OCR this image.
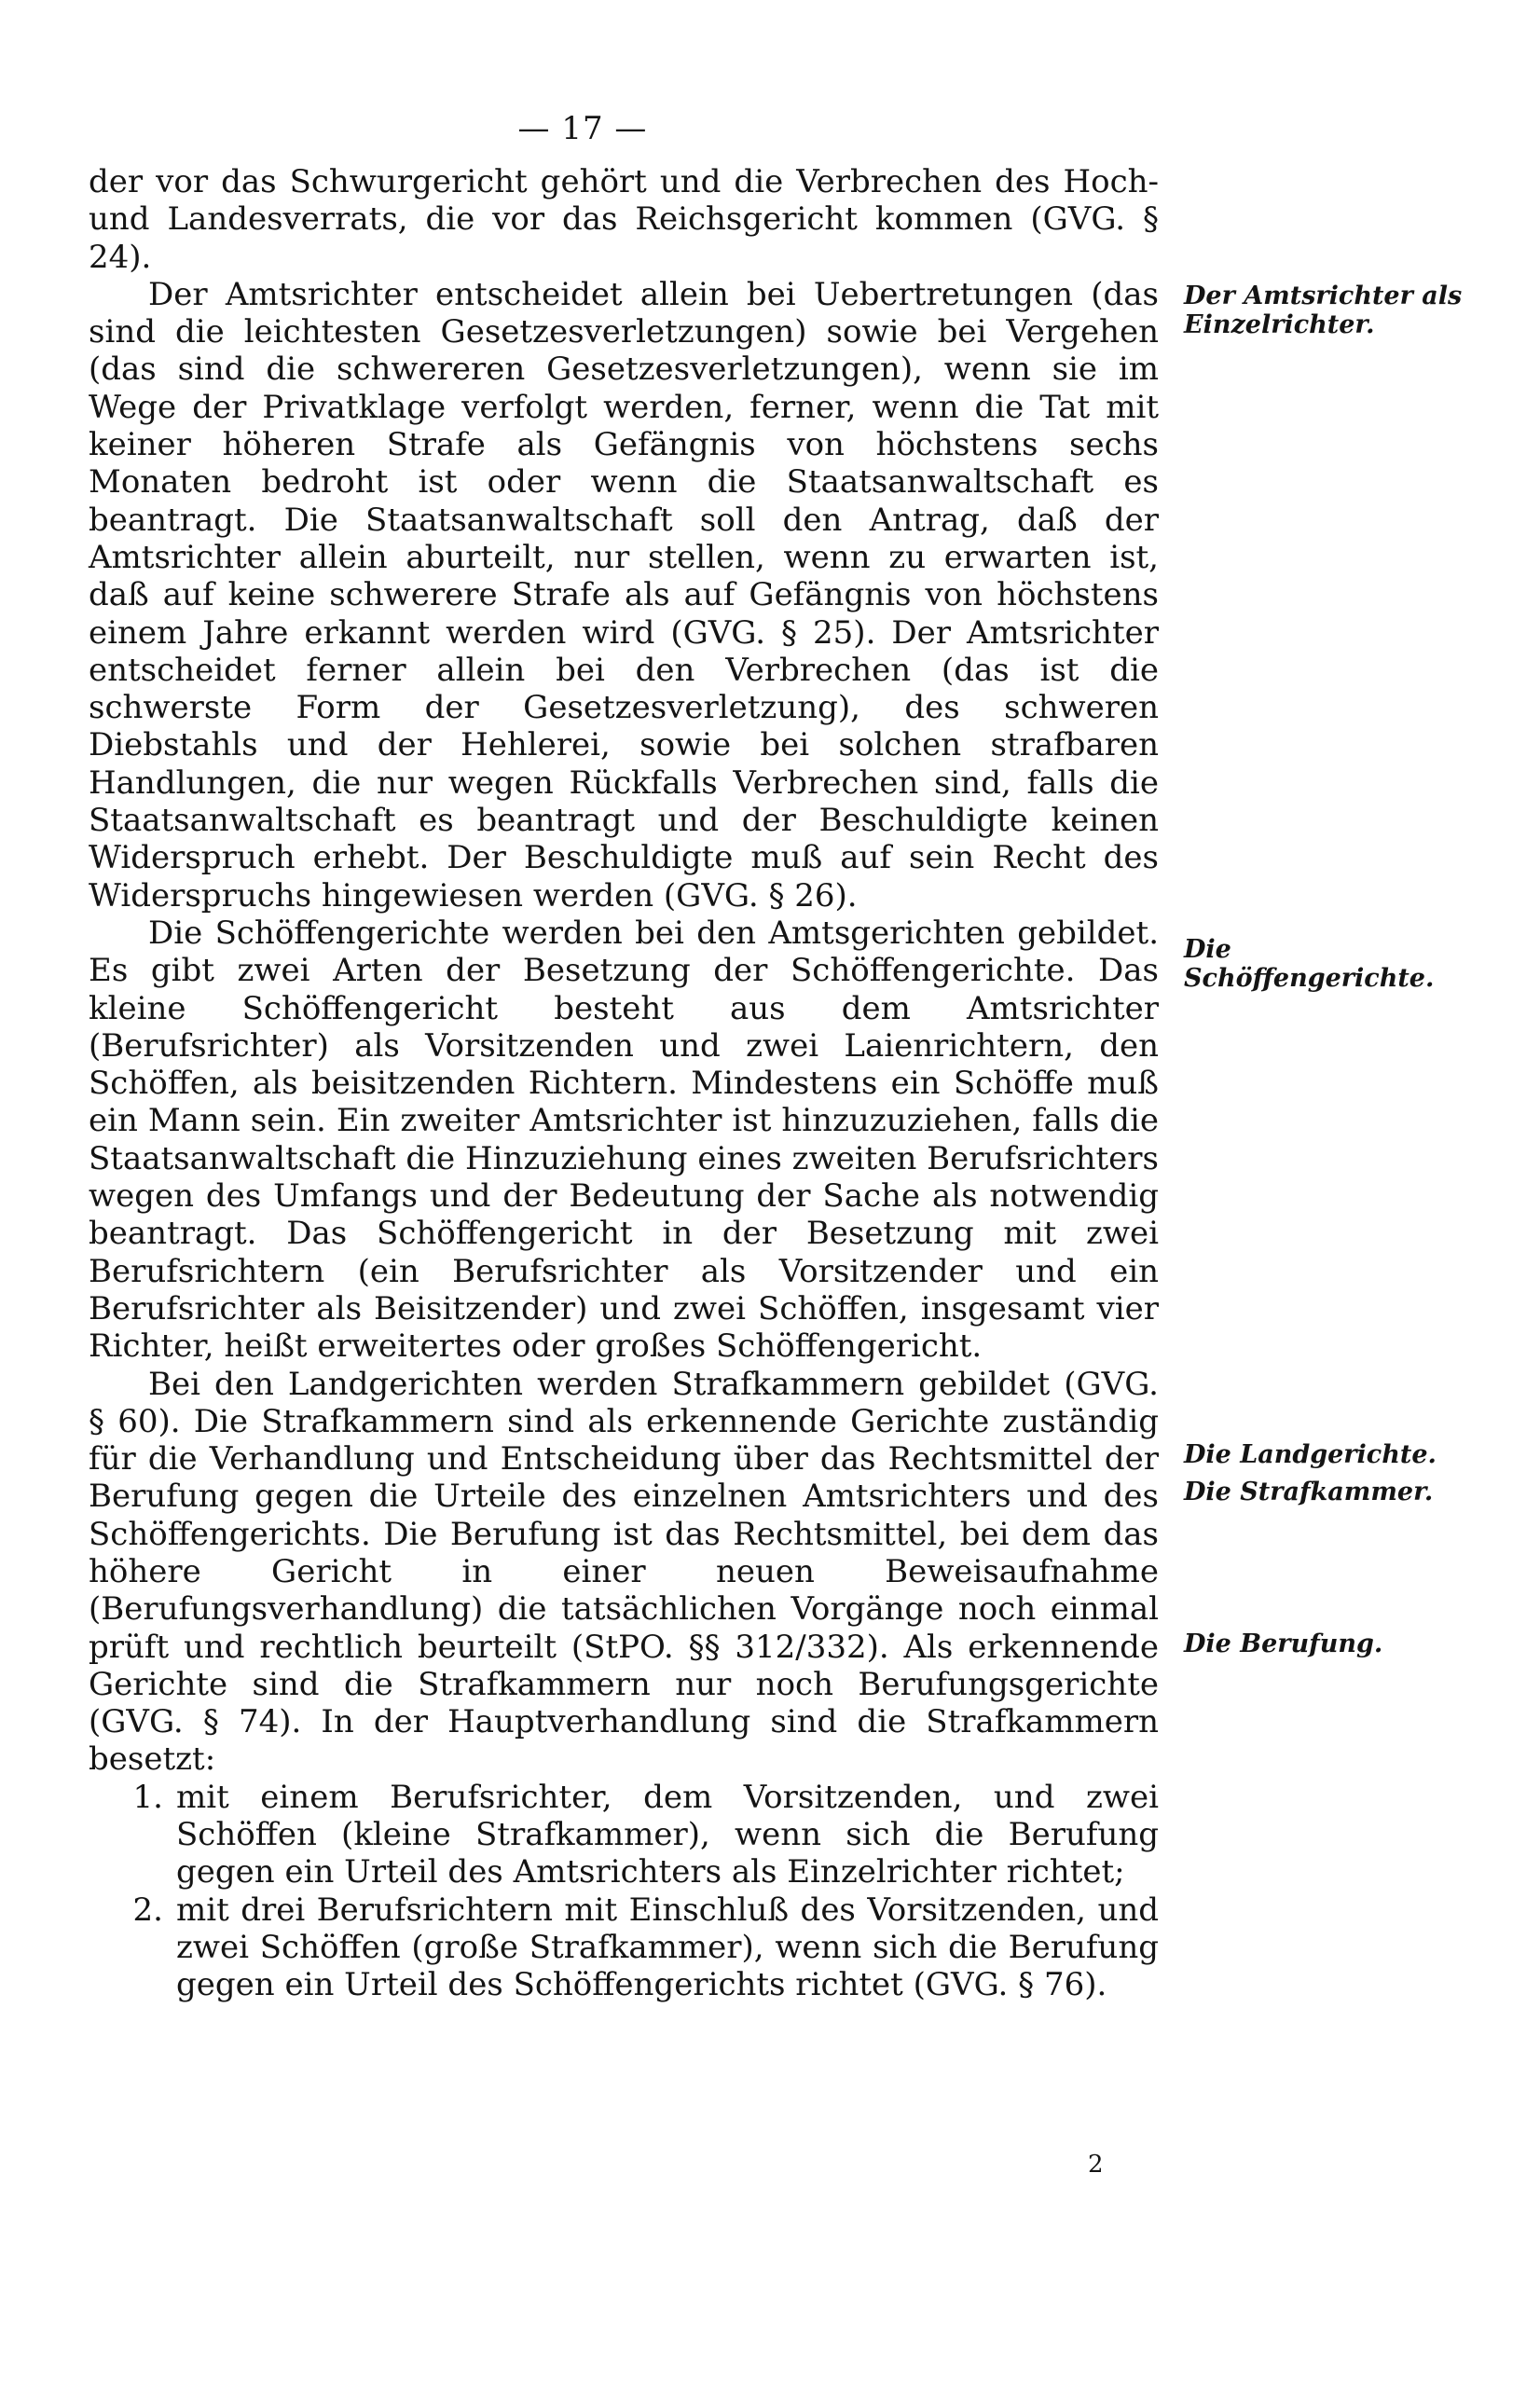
— 17 —

der vor das Schwurgericht gehört und die Verbrechen des Hoch- und Landesverrats, die vor das Reichsgericht kommen (GVG. § 24).

Der Amtsrichter entscheidet allein bei Uebertretungen (das sind die leichtesten Gesetzesverletzungen) sowie bei Vergehen (das sind die schwereren Gesetzesverletzungen), wenn sie im Wege der Privatklage verfolgt werden, ferner, wenn die Tat mit keiner höheren Strafe als Gefängnis von höchstens sechs Monaten bedroht ist oder wenn die Staatsanwaltschaft es beantragt. Die Staatsanwaltschaft soll den Antrag, daß der Amtsrichter allein aburteilt, nur stellen, wenn zu erwarten ist, daß auf keine schwerere Strafe als auf Gefängnis von höchstens einem Jahre erkannt werden wird (GVG. § 25). Der Amtsrichter entscheidet ferner allein bei den Verbrechen (das ist die schwerste Form der Gesetzesverletzung), des schweren Diebstahls und der Hehlerei, sowie bei solchen strafbaren Handlungen, die nur wegen Rückfalls Verbrechen sind, falls die Staatsanwaltschaft es beantragt und der Beschuldigte keinen Widerspruch erhebt. Der Beschuldigte muß auf sein Recht des Widerspruchs hingewiesen werden (GVG. § 26).

Die Schöffengerichte werden bei den Amtsgerichten gebildet. Es gibt zwei Arten der Besetzung der Schöffengerichte. Das kleine Schöffengericht besteht aus dem Amtsrichter (Berufsrichter) als Vorsitzenden und zwei Laienrichtern, den Schöffen, als beisitzenden Richtern. Mindestens ein Schöffe muß ein Mann sein. Ein zweiter Amtsrichter ist hinzuzuziehen, falls die Staatsanwaltschaft die Hinzuziehung eines zweiten Berufsrichters wegen des Umfangs und der Bedeutung der Sache als notwendig beantragt. Das Schöffengericht in der Besetzung mit zwei Berufsrichtern (ein Berufsrichter als Vorsitzender und ein Berufsrichter als Beisitzender) und zwei Schöffen, insgesamt vier Richter, heißt erweitertes oder großes Schöffengericht.

Bei den Landgerichten werden Strafkammern gebildet (GVG. § 60). Die Strafkammern sind als erkennende Gerichte zuständig für die Verhandlung und Entscheidung über das Rechtsmittel der Berufung gegen die Urteile des einzelnen Amtsrichters und des Schöffengerichts. Die Berufung ist das Rechtsmittel, bei dem das höhere Gericht in einer neuen Beweisaufnahme (Berufungsverhandlung) die tatsächlichen Vorgänge noch einmal prüft und rechtlich beurteilt (StPO. §§ 312/332). Als erkennende Gerichte sind die Strafkammern nur noch Berufungsgerichte (GVG. § 74). In der Hauptverhandlung sind die Strafkammern besetzt:

1. mit einem Berufsrichter, dem Vorsitzenden, und zwei Schöffen (kleine Strafkammer), wenn sich die Berufung gegen ein Urteil des Amtsrichters als Einzelrichter richtet;
2. mit drei Berufsrichtern mit Einschluß des Vorsitzenden, und zwei Schöffen (große Strafkammer), wenn sich die Berufung gegen ein Urteil des Schöffengerichts richtet (GVG. § 76).
Der Amtsrichter als Einzelrichter.
Die Schöffengerichte.
Die Landgerichte.
Die Strafkammer.
Die Berufung.
2
